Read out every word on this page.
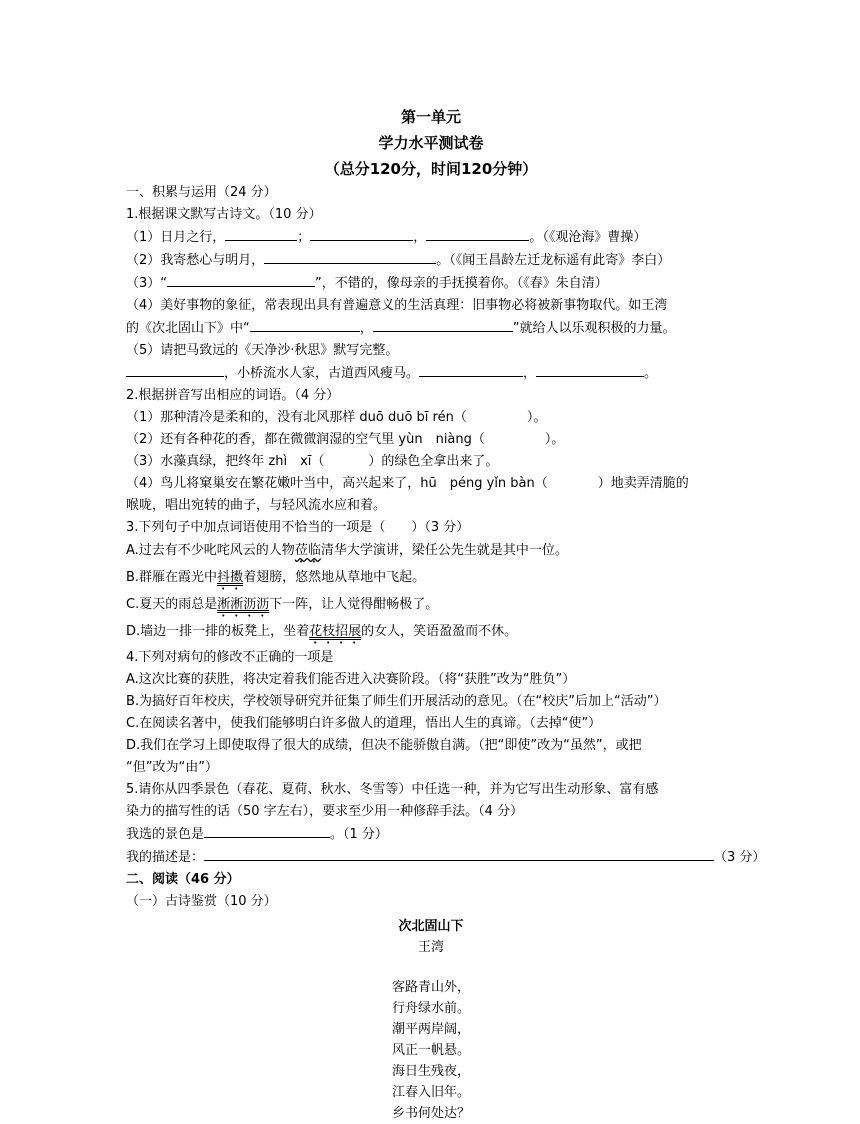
第一单元
学力水平测试卷
（总分120分，时间120分钟）
一、积累与运用（24 分）
1.根据课文默写古诗文。（10 分）
（1）日月之行，	；	，	。（《观沧海》曹操）
（2）我寄愁心与明月，	。（《闻王昌龄左迁龙标遥有此寄》李白）
（3）“	”，不错的，像母亲的手抚摸着你。（《春》朱自清）
（4）美好事物的象征，常表现出具有普遍意义的生活真理：旧事物必将被新事物取代。如王湾
的《次北固山下》中“	，	”就给人以乐观积极的力量。
（5）请把马致远的《天净沙·秋思》默写完整。
，小桥流水人家，古道西风瘦马。	，	。
2.根据拼音写出相应的词语。（4 分）
（1）那种清冷是柔和的，没有北风那样 duō duō bī rén（	）。
（2）还有各种花的香，都在微微润湿的空气里 yùn　niàng（	）。
（3）水藻真绿，把终年 zhì　xī（	）的绿色全拿出来了。
（4）鸟儿将窠巢安在繁花嫩叶当中，高兴起来了，hū　péng yǐn bàn（	）地卖弄清脆的
喉咙，唱出宛转的曲子，与轻风流水应和着。
3.下列句子中加点词语使用不恰当的一项是（　　）（3 分）
A.过去有不少叱咤风云的人物莅临清华大学演讲，梁任公先生就是其中一位。
B.群雁在霞光中抖擞着翅膀，悠然地从草地中飞起。
C.夏天的雨总是淅淅沥沥下一阵，让人觉得酣畅极了。
D.墙边一排一排的板凳上，坐着花枝招展的女人，笑语盈盈而不休。
4.下列对病句的修改不正确的一项是
A.这次比赛的获胜，将决定着我们能否进入决赛阶段。（将“获胜”改为“胜负”）
B.为搞好百年校庆，学校领导研究并征集了师生们开展活动的意见。（在“校庆”后加上“活动”）
C.在阅读名著中，使我们能够明白许多做人的道理，悟出人生的真谛。（去掉“使”）
D.我们在学习上即使取得了很大的成绩，但决不能骄傲自满。（把“即使”改为“虽然”，或把
“但”改为“由”）
5.请你从四季景色（春花、夏荷、秋水、冬雪等）中任选一种，并为它写出生动形象、富有感
染力的描写性的话（50 字左右），要求至少用一种修辞手法。（4 分）
我选的景色是	。（1 分）
我的描述是：	（3 分）
二、阅读（46 分）
（一）古诗鉴赏（10 分）
次北固山下
王湾
客路青山外，
行舟绿水前。
潮平两岸阔，
风正一帆悬。
海日生残夜，
江春入旧年。
乡书何处达？
